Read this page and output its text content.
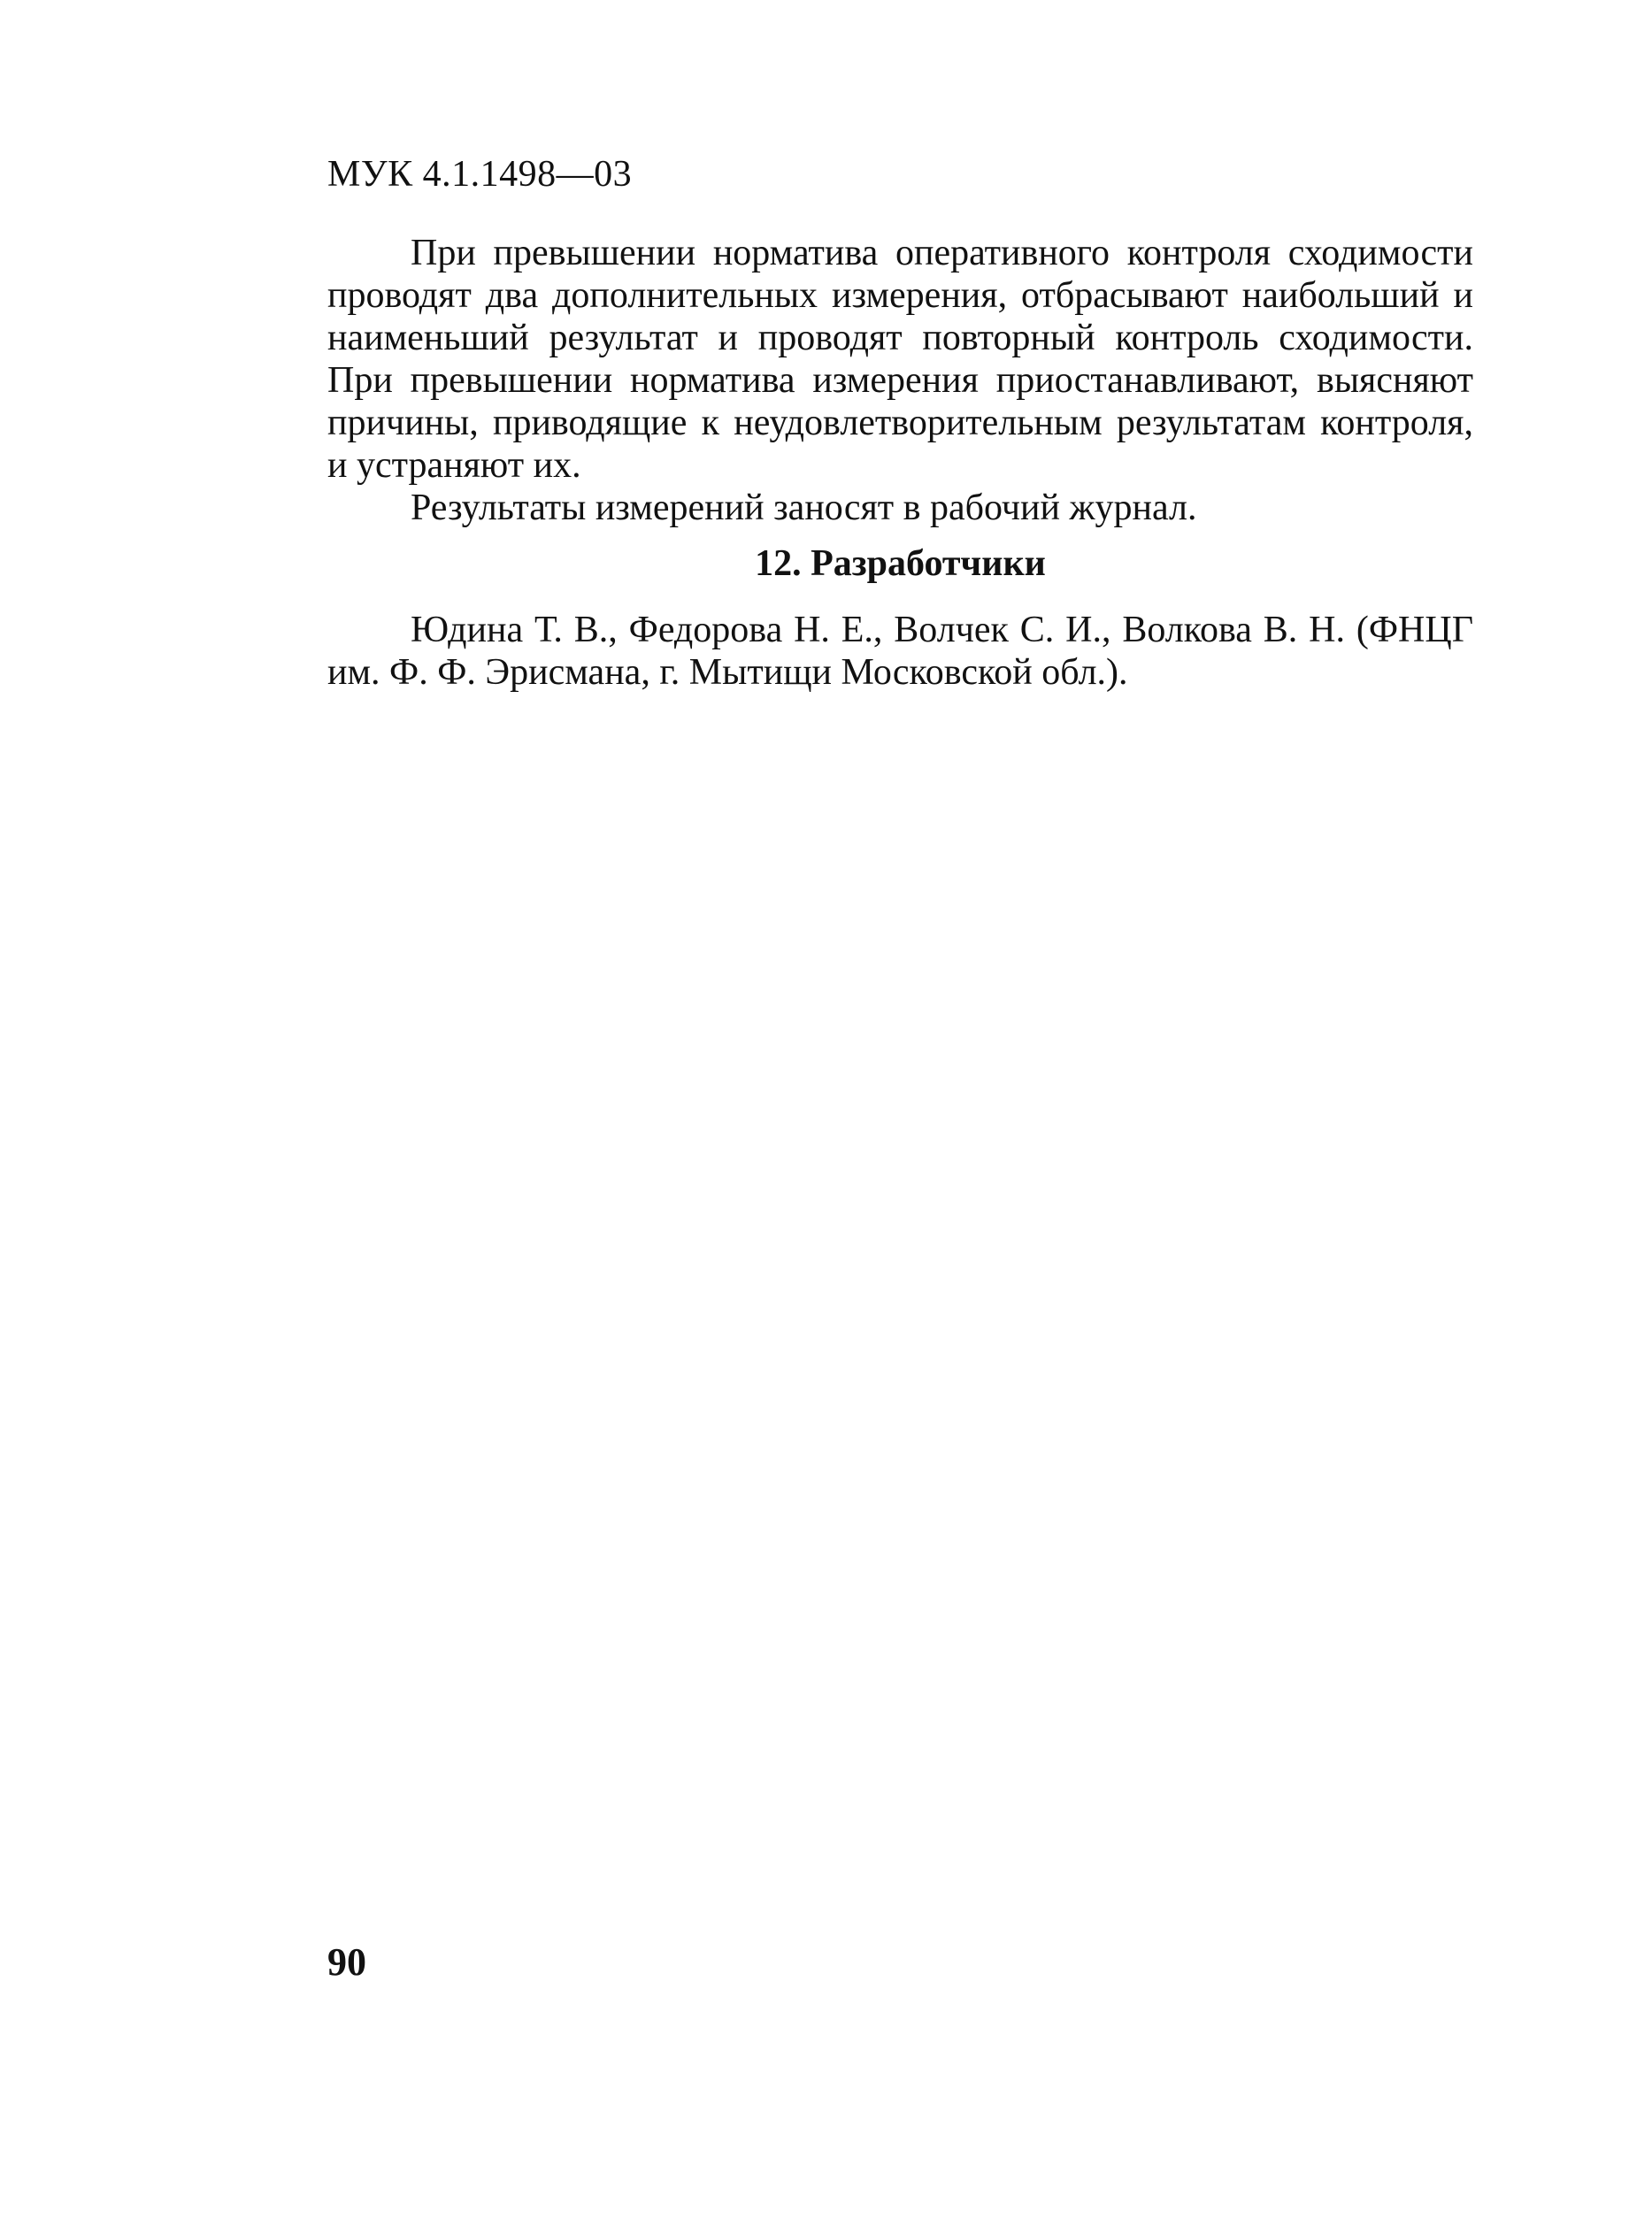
МУК 4.1.1498—03

При превышении норматива оперативного контроля сходимости проводят два дополнительных измерения, отбрасывают наибольший и наименьший результат и проводят повторный контроль сходимости. При превышении норматива измерения приостанавливают, выясняют причины, приводящие к неудовлетворительным результатам контроля, и устраняют их.

Результаты измерений заносят в рабочий журнал.

12. Разработчики

Юдина Т. В., Федорова Н. Е., Волчек С. И., Волкова В. Н. (ФНЦГ им. Ф. Ф. Эрисмана, г. Мытищи Московской обл.).

90
